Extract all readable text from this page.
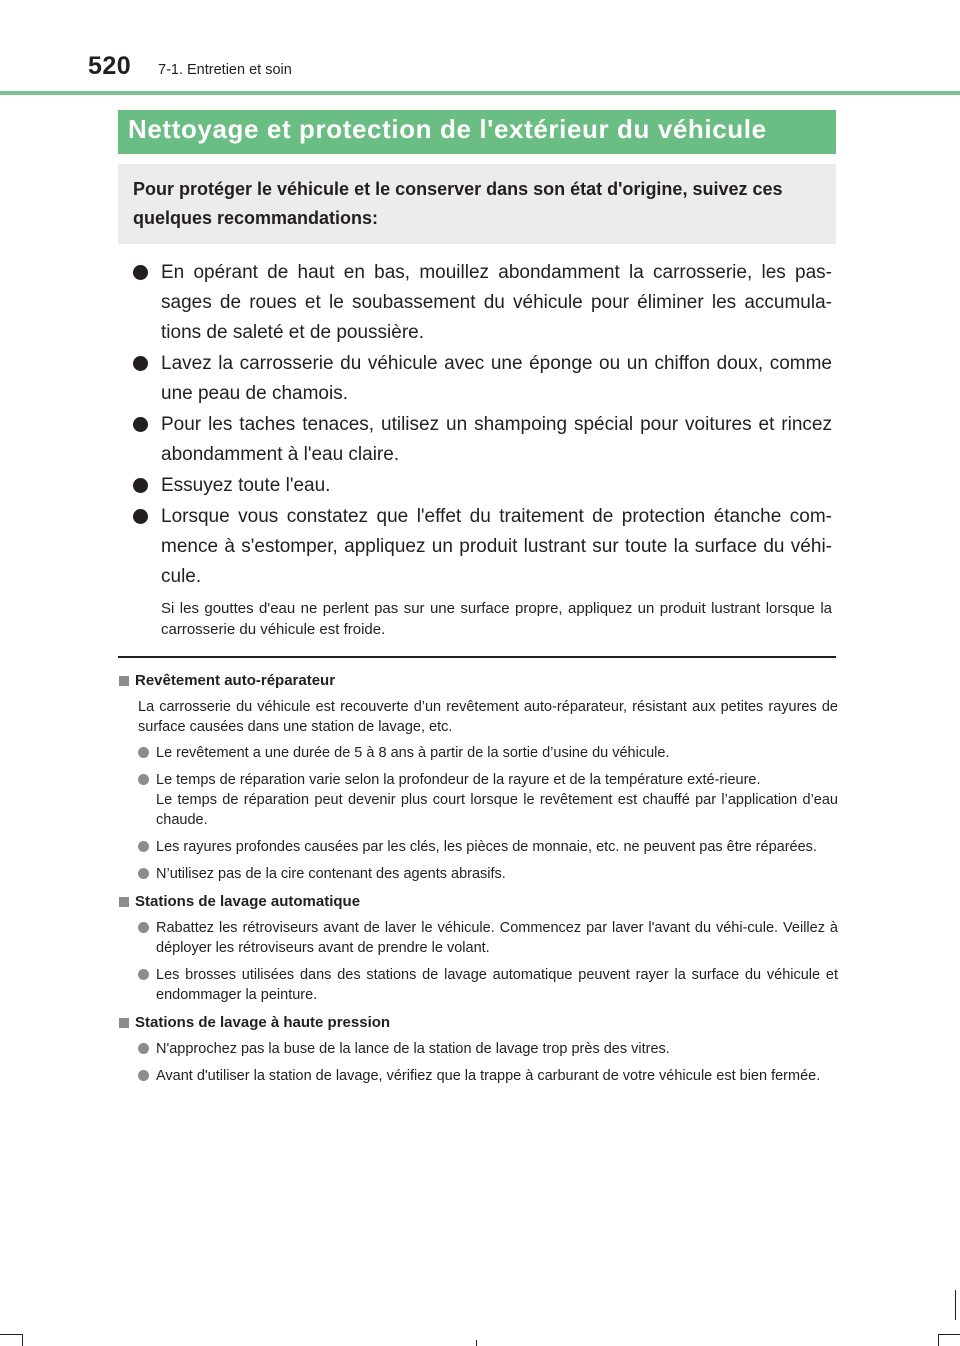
520 7-1. Entretien et soin
Nettoyage et protection de l'extérieur du véhicule
Pour protéger le véhicule et le conserver dans son état d'origine, suivez ces quelques recommandations:
En opérant de haut en bas, mouillez abondamment la carrosserie, les pas-sages de roues et le soubassement du véhicule pour éliminer les accumula-tions de saleté et de poussière.
Lavez la carrosserie du véhicule avec une éponge ou un chiffon doux, comme une peau de chamois.
Pour les taches tenaces, utilisez un shampoing spécial pour voitures et rincez abondamment à l'eau claire.
Essuyez toute l'eau.
Lorsque vous constatez que l'effet du traitement de protection étanche com-mence à s'estomper, appliquez un produit lustrant sur toute la surface du véhi-cule.
Si les gouttes d'eau ne perlent pas sur une surface propre, appliquez un produit lustrant lorsque la carrosserie du véhicule est froide.
Revêtement auto-réparateur
La carrosserie du véhicule est recouverte d’un revêtement auto-réparateur, résistant aux petites rayures de surface causées dans une station de lavage, etc.
Le revêtement a une durée de 5 à 8 ans à partir de la sortie d’usine du véhicule.
Le temps de réparation varie selon la profondeur de la rayure et de la température exté-rieure.
Le temps de réparation peut devenir plus court lorsque le revêtement est chauffé par l’application d’eau chaude.
Les rayures profondes causées par les clés, les pièces de monnaie, etc. ne peuvent pas être réparées.
N’utilisez pas de la cire contenant des agents abrasifs.
Stations de lavage automatique
Rabattez les rétroviseurs avant de laver le véhicule. Commencez par laver l'avant du véhi-cule. Veillez à déployer les rétroviseurs avant de prendre le volant.
Les brosses utilisées dans des stations de lavage automatique peuvent rayer la surface du véhicule et endommager la peinture.
Stations de lavage à haute pression
N'approchez pas la buse de la lance de la station de lavage trop près des vitres.
Avant d'utiliser la station de lavage, vérifiez que la trappe à carburant de votre véhicule est bien fermée.
